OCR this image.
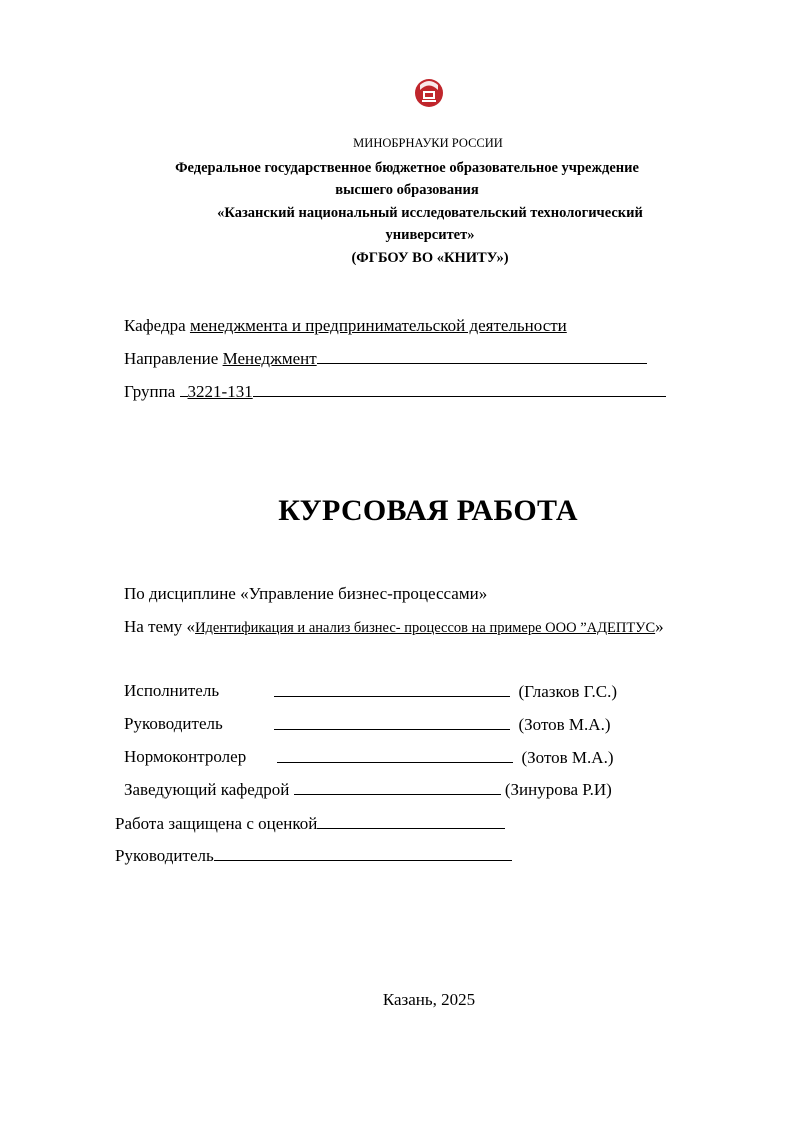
МИНОБРНАУКИ РОССИИ
Федеральное государственное бюджетное образовательное учреждение
высшего образования
«Казанский национальный исследовательский технологический
университет»
(ФГБОУ ВО «КНИТУ»)
Кафедра менеджмента и предпринимательской деятельности
Направление Менеджмент
Группа 3221-131
КУРСОВАЯ РАБОТА
По дисциплине «Управление бизнес-процессами»
На тему «Идентификация и анализ бизнес- процессов на примере ООО ”АДЕПТУС»
Исполнитель	(Глазков Г.С.)
Руководитель	(Зотов М.А.)
Нормоконтролер	(Зотов М.А.)
Заведующий кафедрой	(Зинурова Р.И)
Работа защищена с оценкой
Руководитель
Казань, 2025
